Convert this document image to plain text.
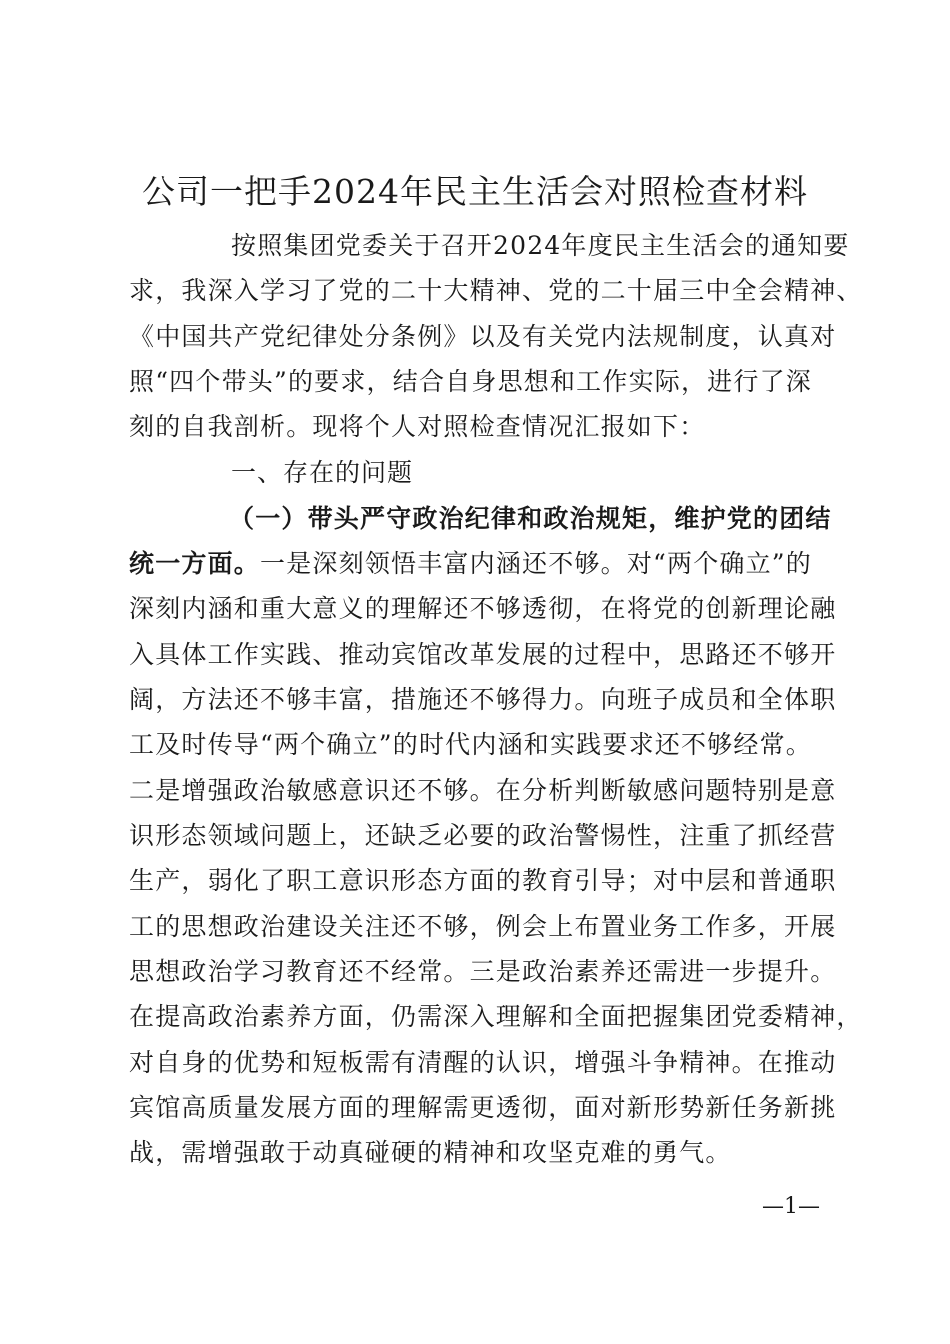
公司一把手2024年民主生活会对照检查材料
按照集团党委关于召开2024年度民主生活会的通知要
求，我深入学习了党的二十大精神、党的二十届三中全会精神、
《中国共产党纪律处分条例》以及有关党内法规制度，认真对
照“四个带头”的要求，结合自身思想和工作实际，进行了深
刻的自我剖析。现将个人对照检查情况汇报如下：
一、存在的问题
（一）带头严守政治纪律和政治规矩，维护党的团结
统一方面。一是深刻领悟丰富内涵还不够。对“两个确立”的
深刻内涵和重大意义的理解还不够透彻，在将党的创新理论融
入具体工作实践、推动宾馆改革发展的过程中，思路还不够开
阔，方法还不够丰富，措施还不够得力。向班子成员和全体职
工及时传导“两个确立”的时代内涵和实践要求还不够经常。
二是增强政治敏感意识还不够。在分析判断敏感问题特别是意
识形态领域问题上，还缺乏必要的政治警惕性，注重了抓经营
生产，弱化了职工意识形态方面的教育引导；对中层和普通职
工的思想政治建设关注还不够，例会上布置业务工作多，开展
思想政治学习教育还不经常。三是政治素养还需进一步提升。
在提高政治素养方面，仍需深入理解和全面把握集团党委精神，
对自身的优势和短板需有清醒的认识，增强斗争精神。在推动
宾馆高质量发展方面的理解需更透彻，面对新形势新任务新挑
战，需增强敢于动真碰硬的精神和攻坚克难的勇气。
—1—
